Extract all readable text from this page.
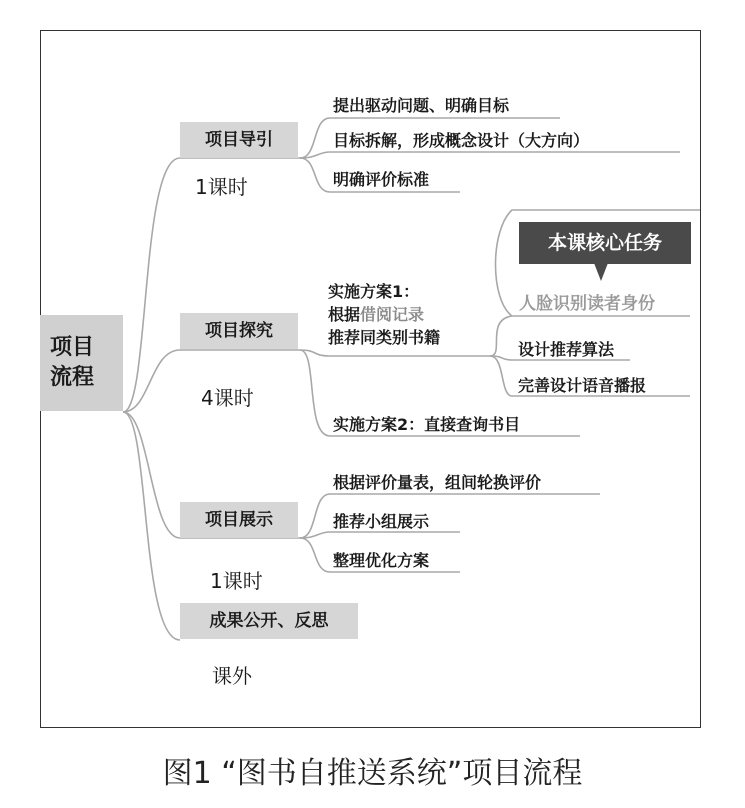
项目
流程
项目导引
1课时
项目探究
4课时
项目展示
1课时
成果公开、反思
课外
提出驱动问题、明确目标
目标拆解，形成概念设计（大方向）
明确评价标准
实施方案1：
根据借阅记录
推荐同类别书籍
设计推荐算法
完善设计语音播报
实施方案2：直接查询书目
本课核心任务
人脸识别读者身份
根据评价量表，组间轮换评价
推荐小组展示
整理优化方案
图1 “图书自推送系统”项目流程
